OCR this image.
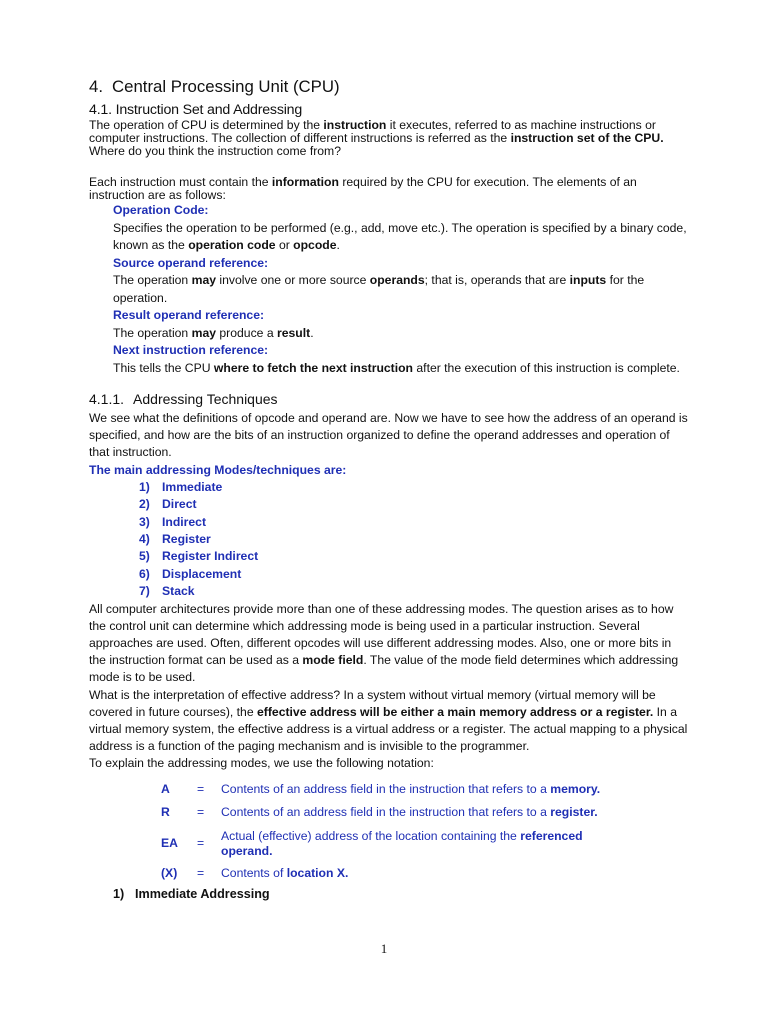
4. Central Processing Unit (CPU)
4.1. Instruction Set and Addressing

The operation of CPU is determined by the instruction it executes, referred to as machine instructions or computer instructions. The collection of different instructions is referred as the instruction set of the CPU. Where do you think the instruction come from?

Each instruction must contain the information required by the CPU for execution. The elements of an instruction are as follows:

Operation Code:

Specifies the operation to be performed (e.g., add, move etc.). The operation is specified by a binary code, known as the operation code or opcode.

Source operand reference:

The operation may involve one or more source operands; that is, operands that are inputs for the operation.

Result operand reference:

The operation may produce a result.

Next instruction reference:

This tells the CPU where to fetch the next instruction after the execution of this instruction is complete.

4.1.1. Addressing Techniques

We see what the definitions of opcode and operand are. Now we have to see how the address of an operand is specified, and how are the bits of an instruction organized to define the operand addresses and operation of that instruction.

The main addressing Modes/techniques are:
1) Immediate
2) Direct
3) Indirect
4) Register
5) Register Indirect
6) Displacement
7) Stack

All computer architectures provide more than one of these addressing modes. The question arises as to how the control unit can determine which addressing mode is being used in a particular instruction. Several approaches are used. Often, different opcodes will use different addressing modes. Also, one or more bits in the instruction format can be used as a mode field. The value of the mode field determines which addressing mode is to be used.

What is the interpretation of effective address? In a system without virtual memory (virtual memory will be covered in future courses), the effective address will be either a main memory address or a register. In a virtual memory system, the effective address is a virtual address or a register. The actual mapping to a physical address is a function of the paging mechanism and is invisible to the programmer.

To explain the addressing modes, we use the following notation:

A	=	Contents of an address field in the instruction that refers to a memory.
R	=	Contents of an address field in the instruction that refers to a register.
EA	=
Actual (effective) address of the location containing the referenced operand.
(X)	=	Contents of location X.
1) Immediate Addressing
1
